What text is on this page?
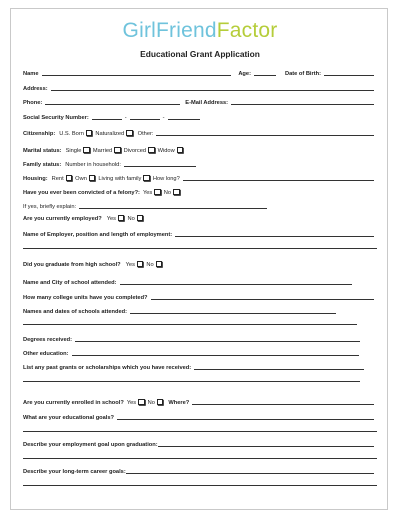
GirlFriendFactor
Educational Grant Application
Name	Age:	Date of Birth:
Address:
Phone:	E-Mail Address:
Social Security Number:	-	-
Citizenship: U.S. Born Naturalized Other:
Marital status: Single Married Divorced Widow
Family status: Number in household:
Housing: Rent Own Living with family How long?
Have you ever been convicted of a felony?: Yes No
If yes, briefly explain:
Are you currently employed? Yes No
Name of Employer, position and length of employment:
Did you graduate from high school? Yes No
Name and City of school attended:
How many college units have you completed?
Names and dates of schools attended:
Degrees received:
Other education:
List any past grants or scholarships which you have received:
Are you currently enrolled in school? Yes No Where?
What are your educational goals?
Describe your employment goal upon graduation:
Describe your long-term career goals:
